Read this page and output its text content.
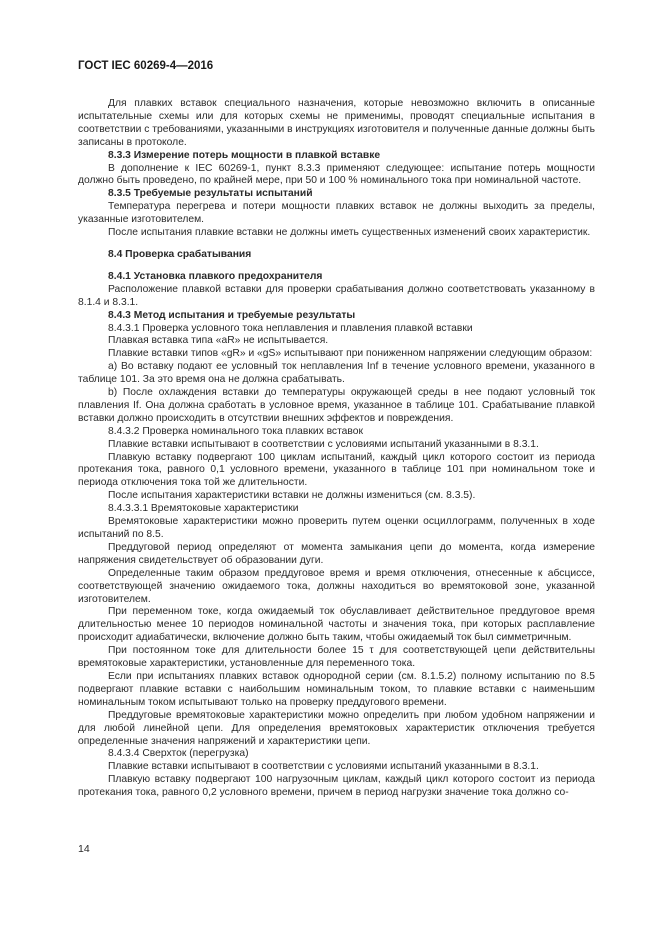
ГОСТ IEC 60269-4—2016

Для плавких вставок специального назначения, которые невозможно включить в описанные испытательные схемы или для которых схемы не применимы, проводят специальные испытания в соответствии с требованиями, указанными в инструкциях изготовителя и полученные данные должны быть записаны в протоколе.

8.3.3 Измерение потерь мощности в плавкой вставке

В дополнение к IEC 60269-1, пункт 8.3.3 применяют следующее: испытание потерь мощности должно быть проведено, по крайней мере, при 50 и 100 % номинального тока при номинальной частоте.

8.3.5 Требуемые результаты испытаний

Температура перегрева и потери мощности плавких вставок не должны выходить за пределы, указанные изготовителем.

После испытания плавкие вставки не должны иметь существенных изменений своих характеристик.

8.4 Проверка срабатывания

8.4.1 Установка плавкого предохранителя

Расположение плавкой вставки для проверки срабатывания должно соответствовать указанному в 8.1.4 и 8.3.1.

8.4.3 Метод испытания и требуемые результаты

8.4.3.1 Проверка условного тока неплавления и плавления плавкой вставки

Плавкая вставка типа «aR» не испытывается.

Плавкие вставки типов «gR» и «gS» испытывают при пониженном напряжении следующим образом:

а) Во вставку подают ее условный ток неплавления Inf в течение условного времени, указанного в таблице 101. За это время она не должна срабатывать.

b) После охлаждения вставки до температуры окружающей среды в нее подают условный ток плавления If. Она должна сработать в условное время, указанное в таблице 101. Срабатывание плавкой вставки должно происходить в отсутствии внешних эффектов и повреждения.

8.4.3.2 Проверка номинального тока плавких вставок

Плавкие вставки испытывают в соответствии с условиями испытаний указанными в 8.3.1.

Плавкую вставку подвергают 100 циклам испытаний, каждый цикл которого состоит из периода протекания тока, равного 0,1 условного времени, указанного в таблице 101 при номинальном токе и периода отключения тока той же длительности.

После испытания характеристики вставки не должны измениться (см. 8.3.5).

8.4.3.3.1 Времятоковые характеристики

Времятоковые характеристики можно проверить путем оценки осциллограмм, полученных в ходе испытаний по 8.5.

Преддуговой период определяют от момента замыкания цепи до момента, когда измерение напряжения свидетельствует об образовании дуги.

Определенные таким образом преддуговое время и время отключения, отнесенные к абсциссе, соответствующей значению ожидаемого тока, должны находиться во времятоковой зоне, указанной изготовителем.

При переменном токе, когда ожидаемый ток обуславливает действительное преддуговое время длительностью менее 10 периодов номинальной частоты и значения тока, при которых расплавление происходит адиабатически, включение должно быть таким, чтобы ожидаемый ток был симметричным.

При постоянном токе для длительности более 15 τ для соответствующей цепи действительны времятоковые характеристики, установленные для переменного тока.

Если при испытаниях плавких вставок однородной серии (см. 8.1.5.2) полному испытанию по 8.5 подвергают плавкие вставки с наибольшим номинальным током, то плавкие вставки с наименьшим номинальным током испытывают только на проверку преддугового времени.

Преддуговые времятоковые характеристики можно определить при любом удобном напряжении и для любой линейной цепи. Для определения времятоковых характеристик отключения требуется определенные значения напряжений и характеристики цепи.

8.4.3.4 Сверхток (перегрузка)

Плавкие вставки испытывают в соответствии с условиями испытаний указанными в 8.3.1.

Плавкую вставку подвергают 100 нагрузочным циклам, каждый цикл которого состоит из периода протекания тока, равного 0,2 условного времени, причем в период нагрузки значение тока должно со-

14
